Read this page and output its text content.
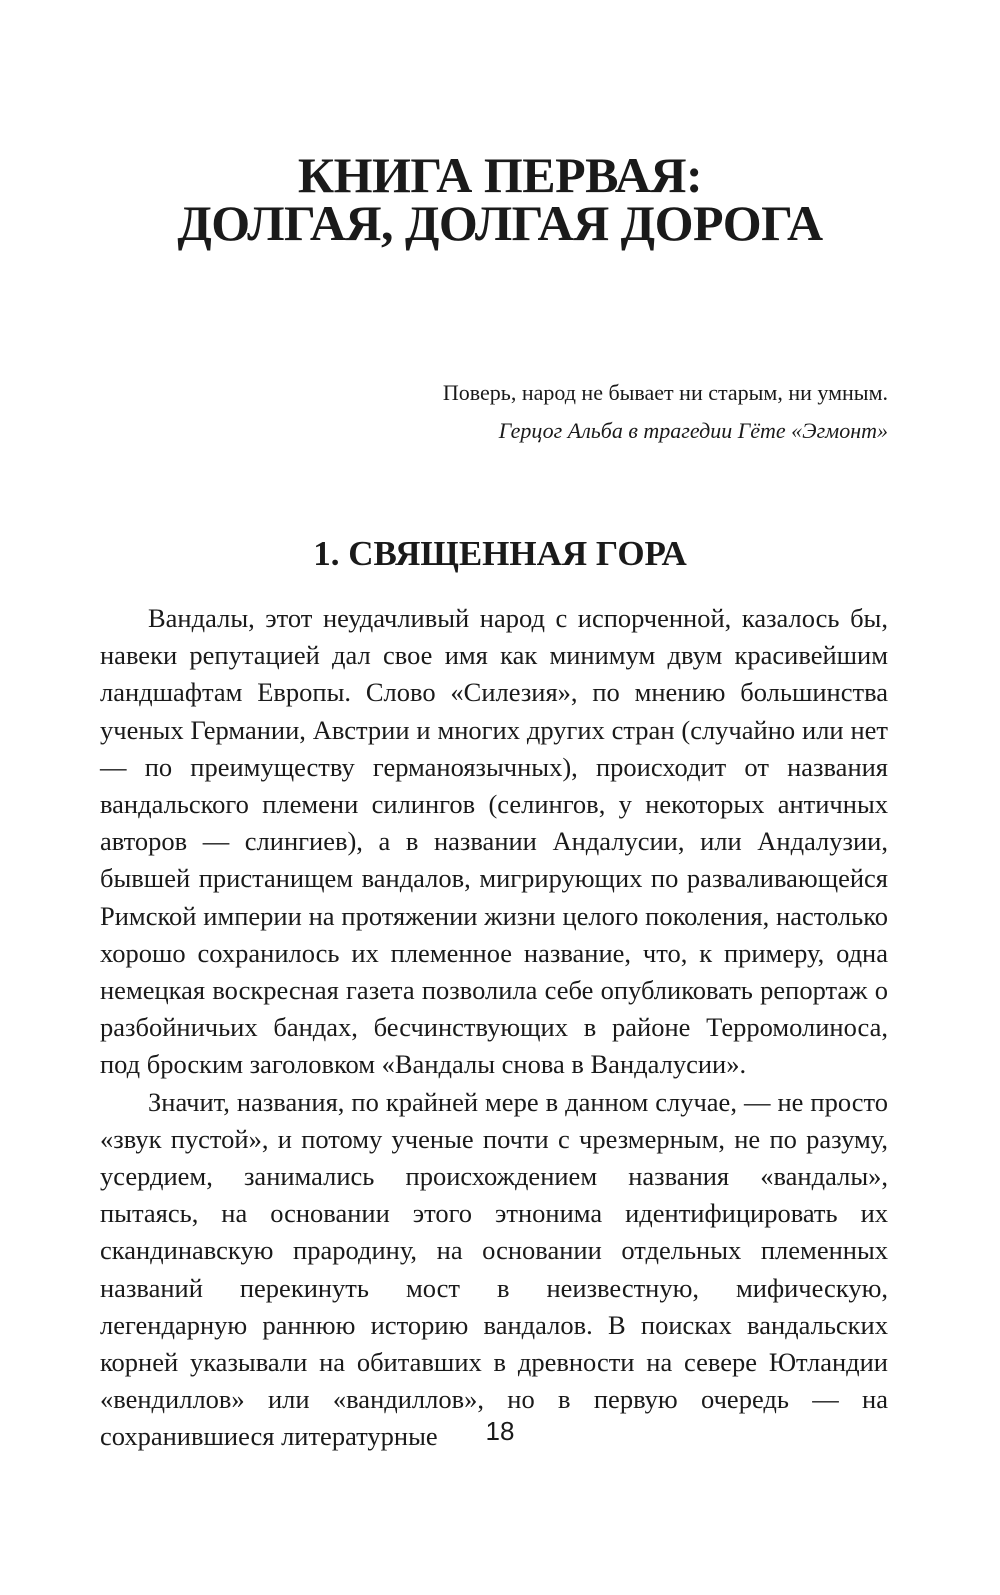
КНИГА ПЕРВАЯ:
ДОЛГАЯ, ДОЛГАЯ ДОРОГА

Поверь, народ не бывает ни старым, ни умным.

Герцог Альба в трагедии Гёте «Эгмонт»

1. СВЯЩЕННАЯ ГОРА

Вандалы, этот неудачливый народ с испорченной, казалось бы, навеки репутацией дал свое имя как минимум двум красивейшим ландшафтам Европы. Слово «Силезия», по мнению большинства ученых Германии, Австрии и многих других стран (случайно или нет — по преимуществу германоязычных), происходит от названия вандальского племени силингов (селингов, у некоторых античных авторов — слингиев), а в названии Андалусии, или Андалузии, бывшей пристанищем вандалов, мигрирующих по разваливающейся Римской империи на протяжении жизни целого поколения, настолько хорошо сохранилось их племенное название, что, к примеру, одна немецкая воскресная газета позволила себе опубликовать репортаж о разбойничьих бандах, бесчинствующих в районе Терромолиноса, под броским заголовком «Вандалы снова в Вандалусии».

Значит, названия, по крайней мере в данном случае, — не просто «звук пустой», и потому ученые почти с чрезмерным, не по разуму, усердием, занимались происхождением названия «вандалы», пытаясь, на основании этого этнонима идентифицировать их скандинавскую прародину, на основании отдельных племенных названий перекинуть мост в неизвестную, мифическую, легендарную раннюю историю вандалов. В поисках вандальских корней указывали на обитавших в древности на севере Ютландии «вендиллов» или «вандиллов», но в первую очередь — на сохранившиеся литературные	18
